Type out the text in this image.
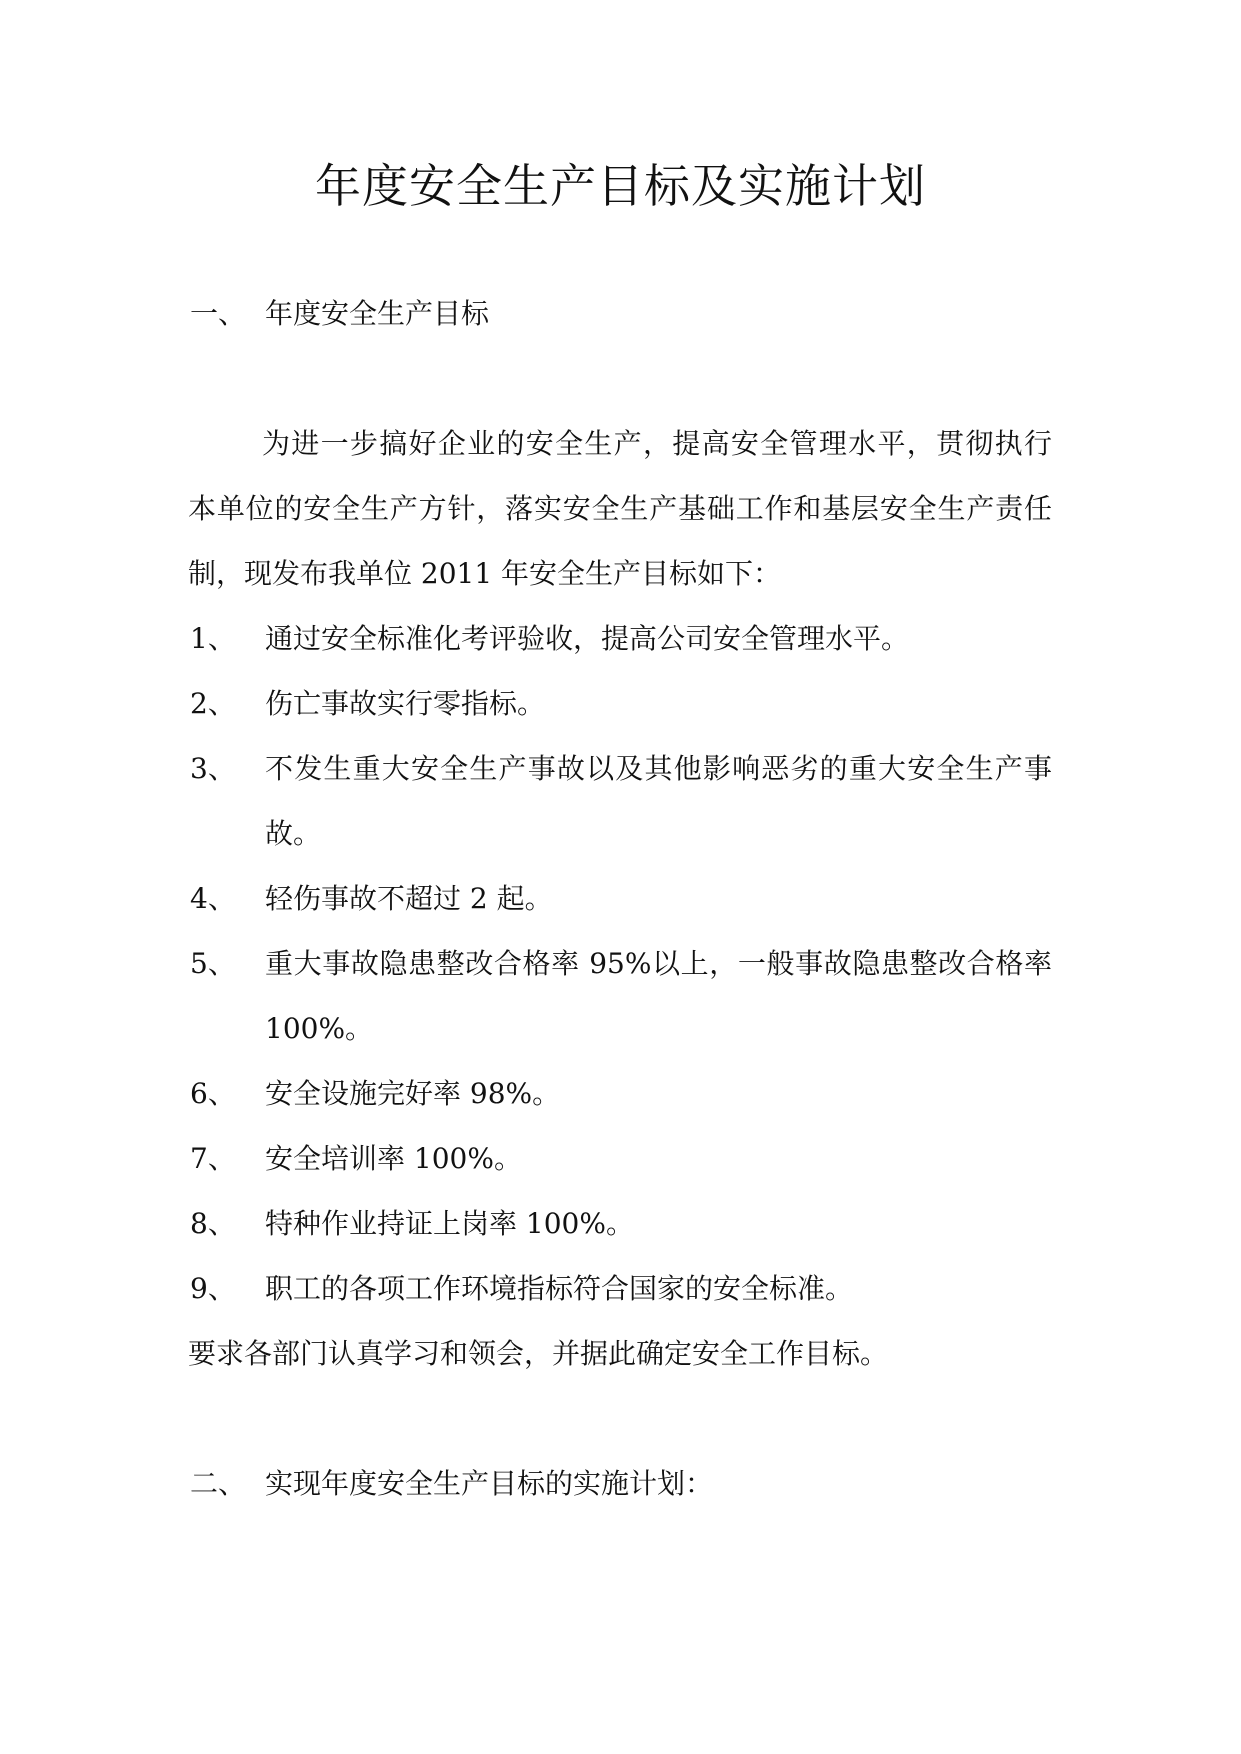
年度安全生产目标及实施计划
一、 年度安全生产目标
为进一步搞好企业的安全生产，提高安全管理水平，贯彻执行
本单位的安全生产方针，落实安全生产基础工作和基层安全生产责任
制，现发布我单位 2011 年安全生产目标如下：
1、 通过安全标准化考评验收，提高公司安全管理水平。
2、 伤亡事故实行零指标。
3、 不发生重大安全生产事故以及其他影响恶劣的重大安全生产事
故。
4、 轻伤事故不超过 2 起。
5、 重大事故隐患整改合格率 95%以上，一般事故隐患整改合格率
100%。
6、 安全设施完好率 98%。
7、 安全培训率 100%。
8、 特种作业持证上岗率 100%。
9、 职工的各项工作环境指标符合国家的安全标准。
要求各部门认真学习和领会，并据此确定安全工作目标。
二、 实现年度安全生产目标的实施计划：
